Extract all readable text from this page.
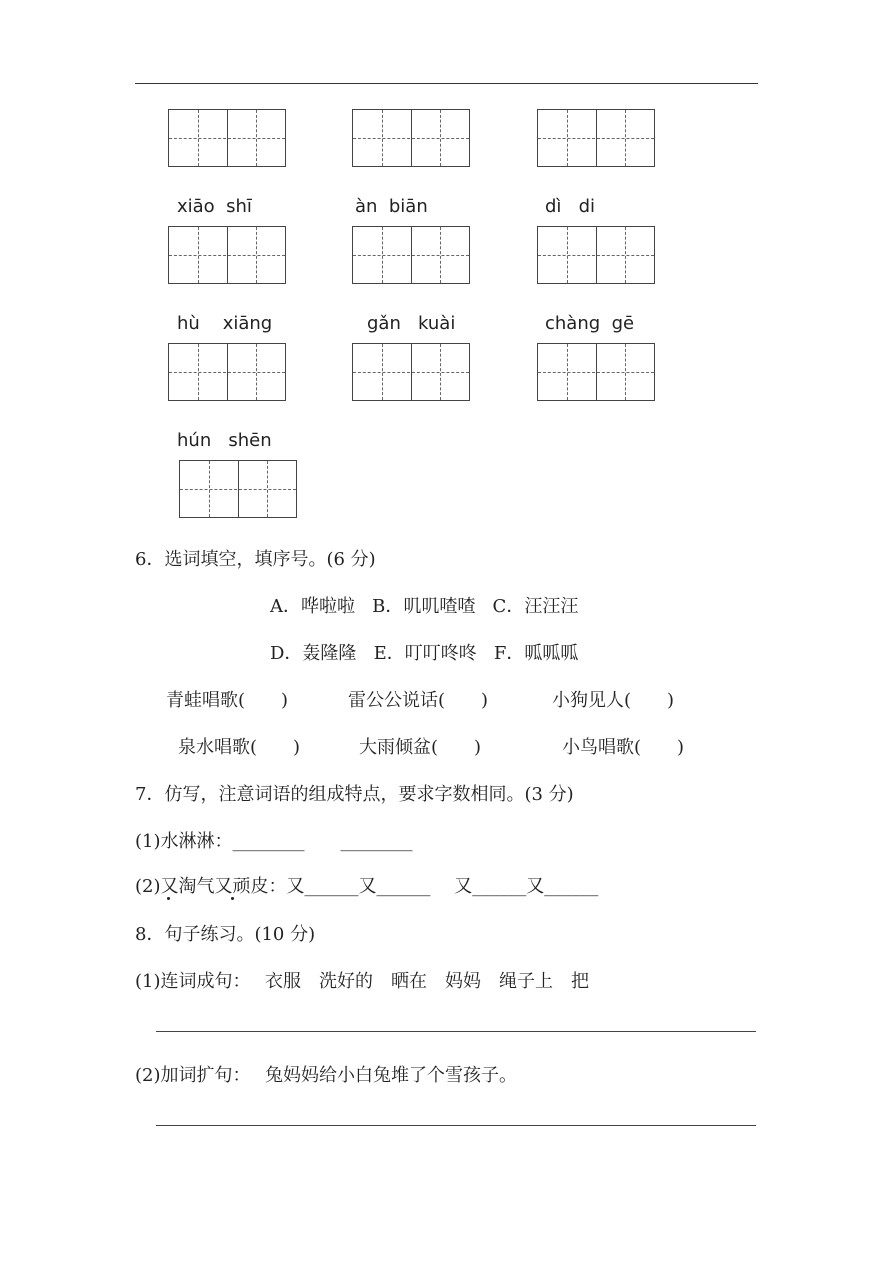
xiāo  shī	àn  biān	dì   di
hù    xiāng	gǎn   kuài	chàng  gē
hún   shēn
6．选词填空，填序号。(6 分)
A．哗啦啦   B．叽叽喳喳   C．汪汪汪
D．轰隆隆   E．叮叮咚咚   F．呱呱呱
青蛙唱歌(　　)	雷公公说话(　　)	小狗见人(　　)
泉水唱歌(　　)	大雨倾盆(　　)	小鸟唱歌(　　)
7．仿写，注意词语的组成特点，要求字数相同。(3 分)
(1)水淋淋：________　　________
(2)又淘气又顽皮：又______又______　 又______又______
8．句子练习。(10 分)
(1)连词成句： 衣服　洗好的　晒在　妈妈　绳子上　把
(2)加词扩句： 兔妈妈给小白兔堆了个雪孩子。
